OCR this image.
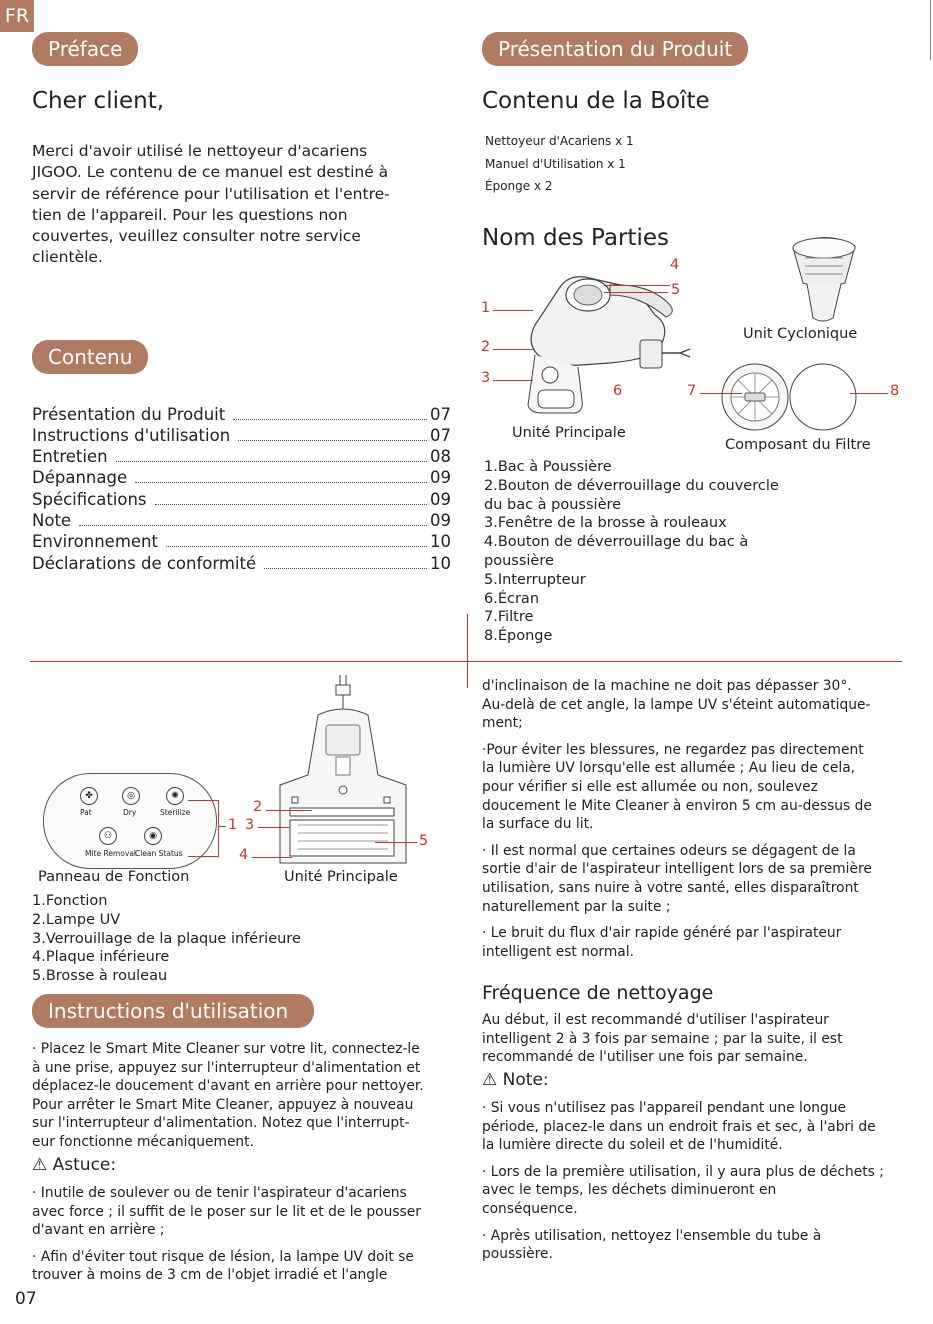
FR
Préface
Cher client,
Merci d'avoir utilisé le nettoyeur d'acariens
JIGOO. Le contenu de ce manuel est destiné à
servir de référence pour l'utilisation et l'entre-
tien de l'appareil. Pour les questions non
couvertes, veuillez consulter notre service
clientèle.
Contenu
Présentation du Produit	07
Instructions d'utilisation	07
Entretien	08
Dépannage	09
Spécifications	09
Note	09
Environnement	10
Déclarations de conformité	10
Présentation du Produit
Contenu de la Boîte
Nettoyeur d'Acariens x 1
Manuel d'Utilisation x 1
Éponge x 2
Nom des Parties
4
5
1
2
3
6
Unit Cyclonique
7	8
Unité Principale
Composant du Filtre
1.Bac à Poussière
2.Bouton de déverrouillage du couvercle
du bac à poussière
3.Fenêtre de la brosse à rouleaux
4.Bouton de déverrouillage du bac à
poussière
5.Interrupteur
6.Écran
7.Filtre
8.Éponge
✤	◎	✺
Pat	Dry	Sterilize
⚇	◉
Mite Removal Clean Status
1
2
3
4
5
Panneau de Fonction	Unité Principale
1.Fonction
2.Lampe UV
3.Verrouillage de la plaque inférieure
4.Plaque inférieure
5.Brosse à rouleau
Instructions d'utilisation
· Placez le Smart Mite Cleaner sur votre lit, connectez-le
à une prise, appuyez sur l'interrupteur d'alimentation et
déplacez-le doucement d'avant en arrière pour nettoyer.
Pour arrêter le Smart Mite Cleaner, appuyez à nouveau
sur l'interrupteur d'alimentation. Notez que l'interrupt-
eur fonctionne mécaniquement.
⚠ Astuce:
· Inutile de soulever ou de tenir l'aspirateur d'acariens
avec force ; il suffit de le poser sur le lit et de le pousser
d'avant en arrière ;
· Afin d'éviter tout risque de lésion, la lampe UV doit se
trouver à moins de 3 cm de l'objet irradié et l'angle
07
d'inclinaison de la machine ne doit pas dépasser 30°.
Au-delà de cet angle, la lampe UV s'éteint automatique-
ment;
·Pour éviter les blessures, ne regardez pas directement
la lumière UV lorsqu'elle est allumée ; Au lieu de cela,
pour vérifier si elle est allumée ou non, soulevez
doucement le Mite Cleaner à environ 5 cm au-dessus de
la surface du lit.
· Il est normal que certaines odeurs se dégagent de la
sortie d'air de l'aspirateur intelligent lors de sa première
utilisation, sans nuire à votre santé, elles disparaîtront
naturellement par la suite ;
· Le bruit du flux d'air rapide généré par l'aspirateur
intelligent est normal.
Fréquence de nettoyage
Au début, il est recommandé d'utiliser l'aspirateur
intelligent 2 à 3 fois par semaine ; par la suite, il est
recommandé de l'utiliser une fois par semaine.
⚠ Note:
· Si vous n'utilisez pas l'appareil pendant une longue
période, placez-le dans un endroit frais et sec, à l'abri de
la lumière directe du soleil et de l'humidité.
· Lors de la première utilisation, il y aura plus de déchets ;
avec le temps, les déchets diminueront en
conséquence.
· Après utilisation, nettoyez l'ensemble du tube à
poussière.
